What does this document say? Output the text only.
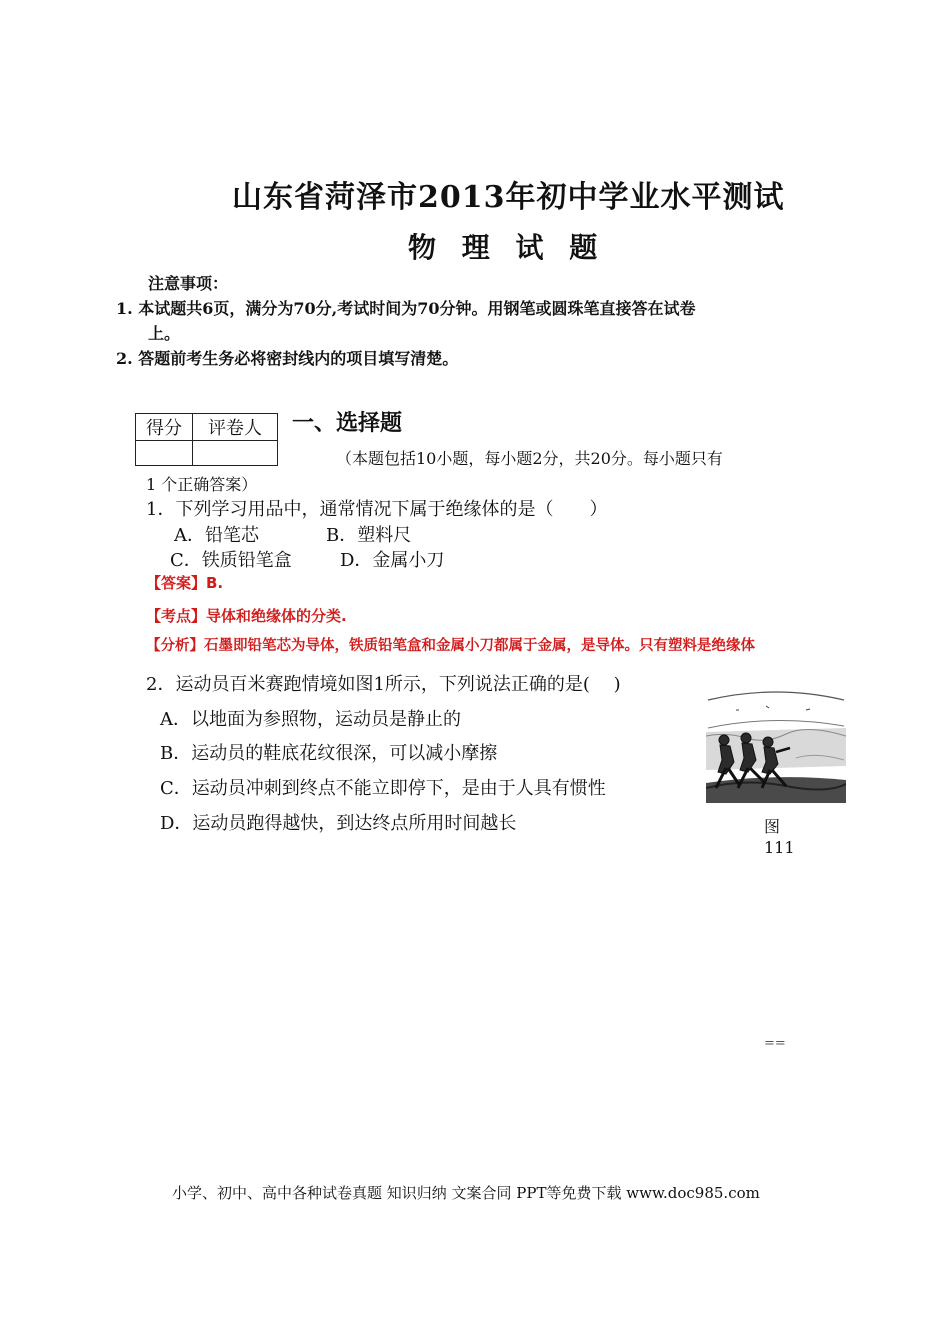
山东省菏泽市2013年初中学业水平测试
物 理 试 题
注意事项：
1. 本试题共6页，满分为70分,考试时间为70分钟。用钢笔或圆珠笔直接答在试卷
上。
2. 答题前考生务必将密封线内的项目填写清楚。
得分	评卷人
	一、选择题
（本题包括10小题，每小题2分，共20分。每小题只有
1 个正确答案）
1．下列学习用品中，通常情况下属于绝缘体的是（　　）
A．铅笔芯	B．塑料尺
C．铁质铅笔盒	D．金属小刀
【答案】B.
【考点】导体和绝缘体的分类.
【分析】石墨即铅笔芯为导体，铁质铅笔盒和金属小刀都属于金属，是导体。只有塑料是绝缘体
2．运动员百米赛跑情境如图1所示，下列说法正确的是(　 )
A．以地面为参照物，运动员是静止的
B．运动员的鞋底花纹很深，可以减小摩擦
C．运动员冲刺到终点不能立即停下，是由于人具有惯性
D．运动员跑得越快，到达终点所用时间越长	图
111
==
小学、初中、高中各种试卷真题 知识归纳 文案合同 PPT等免费下载 www.doc985.com
